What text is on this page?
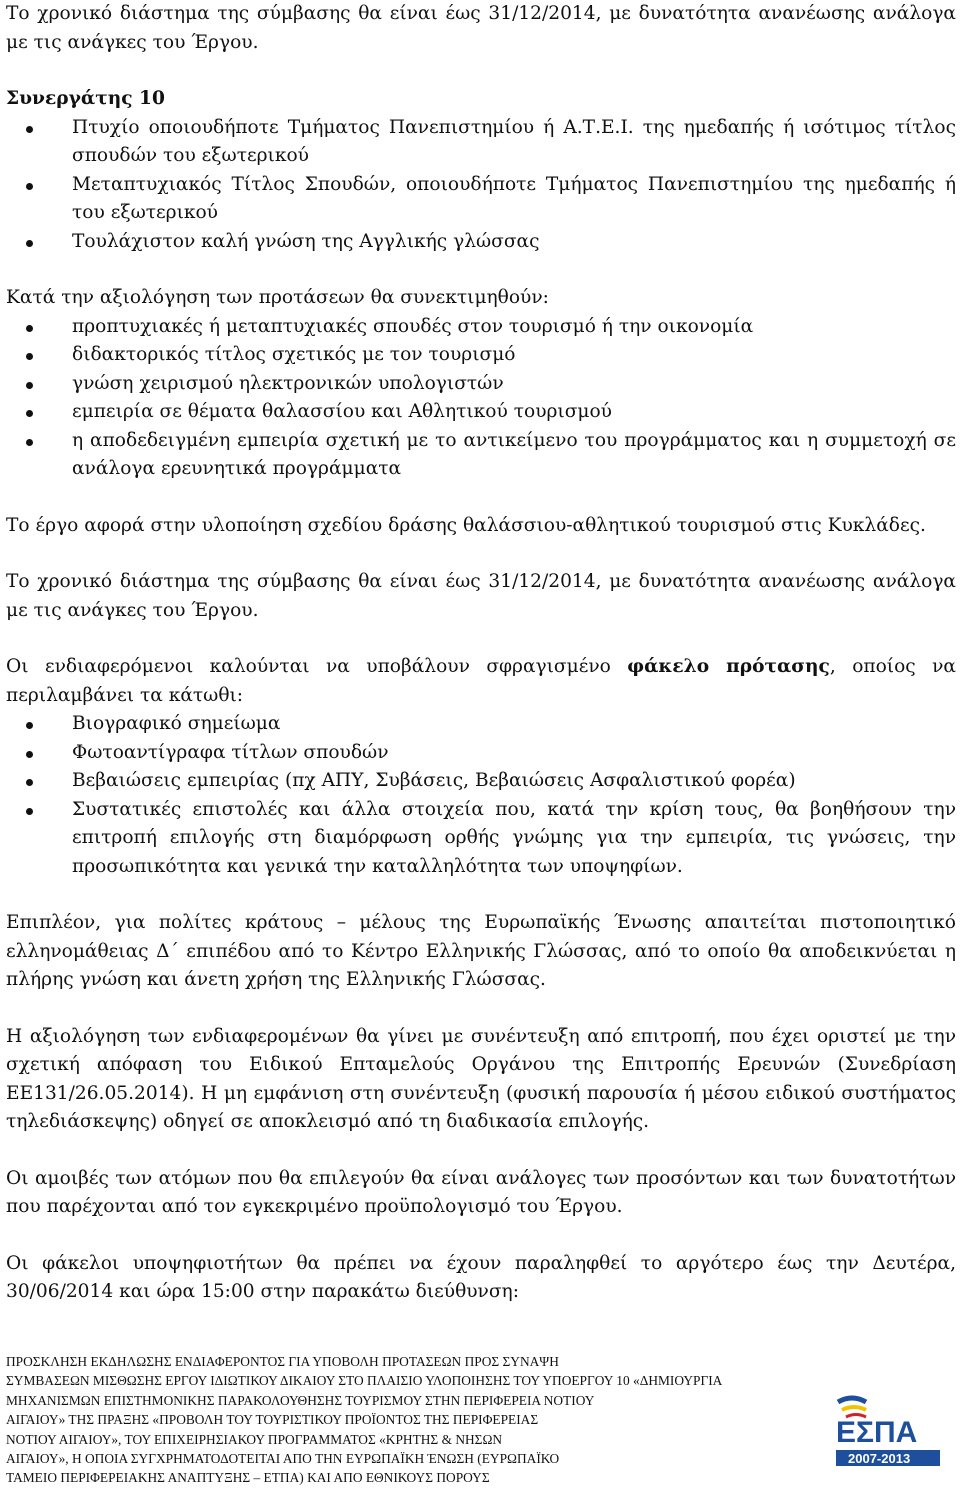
Το χρονικό διάστημα της σύμβασης θα είναι έως 31/12/2014, με δυνατότητα ανανέωσης ανάλογα με τις ανάγκες του Έργου.

Συνεργάτης 10

Πτυχίο οποιουδήποτε Τμήματος Πανεπιστημίου ή Α.Τ.Ε.Ι. της ημεδαπής ή ισότιμος τίτλος σπουδών του εξωτερικού
Μεταπτυχιακός Τίτλος Σπουδών, οποιουδήποτε Τμήματος Πανεπιστημίου της ημεδαπής ή του εξωτερικού
Τουλάχιστον καλή γνώση της Αγγλικής γλώσσας

Κατά την αξιολόγηση των προτάσεων θα συνεκτιμηθούν:

προπτυχιακές ή μεταπτυχιακές σπουδές στον τουρισμό ή την οικονομία
διδακτορικός τίτλος σχετικός με τον τουρισμό
γνώση χειρισμού ηλεκτρονικών υπολογιστών
εμπειρία σε θέματα θαλασσίου και Αθλητικού τουρισμού
η αποδεδειγμένη εμπειρία σχετική με το αντικείμενο του προγράμματος και η συμμετοχή σε ανάλογα ερευνητικά προγράμματα

Το έργο αφορά στην υλοποίηση σχεδίου δράσης θαλάσσιου-αθλητικού τουρισμού στις Κυκλάδες.

Το χρονικό διάστημα της σύμβασης θα είναι έως 31/12/2014, με δυνατότητα ανανέωσης ανάλογα με τις ανάγκες του Έργου.

Οι ενδιαφερόμενοι καλούνται να υποβάλουν σφραγισμένο φάκελο πρότασης, οποίος να περιλαμβάνει τα κάτωθι:

Βιογραφικό σημείωμα
Φωτοαντίγραφα τίτλων σπουδών
Βεβαιώσεις εμπειρίας (πχ ΑΠΥ, Συβάσεις, Βεβαιώσεις Ασφαλιστικού φορέα)
Συστατικές επιστολές και άλλα στοιχεία που, κατά την κρίση τους, θα βοηθήσουν την επιτροπή επιλογής στη διαμόρφωση ορθής γνώμης για την εμπειρία, τις γνώσεις, την προσωπικότητα και γενικά την καταλληλότητα των υποψηφίων.

Επιπλέον, για πολίτες κράτους – μέλους της Ευρωπαϊκής Ένωσης απαιτείται πιστοποιητικό ελληνομάθειας Δ΄ επιπέδου από το Κέντρο Ελληνικής Γλώσσας, από το οποίο θα αποδεικνύεται η πλήρης γνώση και άνετη χρήση της Ελληνικής Γλώσσας.

Η αξιολόγηση των ενδιαφερομένων θα γίνει με συνέντευξη από επιτροπή, που έχει οριστεί με την σχετική απόφαση του Ειδικού Επταμελούς Οργάνου της Επιτροπής Ερευνών (Συνεδρίαση ΕΕ131/26.05.2014). Η μη εμφάνιση στη συνέντευξη (φυσική παρουσία ή μέσου ειδικού συστήματος τηλεδιάσκεψης) οδηγεί σε αποκλεισμό από τη διαδικασία επιλογής.

Οι αμοιβές των ατόμων που θα επιλεγούν θα είναι ανάλογες των προσόντων και των δυνατοτήτων που παρέχονται από τον εγκεκριμένο προϋπολογισμό του Έργου.

Οι φάκελοι υποψηφιοτήτων θα πρέπει να έχουν παραληφθεί το αργότερο έως την Δευτέρα, 30/06/2014 και ώρα 15:00 στην παρακάτω διεύθυνση:

ΠΡΟΣΚΛΗΣΗ ΕΚΔΗΛΩΣΗΣ ΕΝΔΙΑΦΕΡΟΝΤΟΣ ΓΙΑ ΥΠΟΒΟΛΗ ΠΡΟΤΑΣΕΩΝ ΠΡΟΣ ΣΥΝΑΨΗ
ΣΥΜΒΑΣΕΩΝ ΜΙΣΘΩΣΗΣ ΕΡΓΟΥ ΙΔΙΩΤΙΚΟΥ ΔΙΚΑΙΟΥ ΣΤΟ ΠΛΑΙΣΙΟ ΥΛΟΠΟΙΗΣΗΣ ΤΟΥ ΥΠΟΕΡΓΟΥ 10 «ΔΗΜΙΟΥΡΓΙΑ
ΜΗΧΑΝΙΣΜΩΝ ΕΠΙΣΤΗΜΟΝΙΚΗΣ ΠΑΡΑΚΟΛΟΥΘΗΣΗΣ ΤΟΥΡΙΣΜΟΥ ΣΤΗΝ ΠΕΡΙΦΕΡΕΙΑ ΝΟΤΙΟΥ
ΑΙΓΑΙΟΥ» ΤΗΣ ΠΡΑΞΗΣ «ΠΡΟΒΟΛΗ ΤΟΥ ΤΟΥΡΙΣΤΙΚΟΥ ΠΡΟΪΟΝΤΟΣ ΤΗΣ ΠΕΡΙΦΕΡΕΙΑΣ
ΝΟΤΙΟΥ ΑΙΓΑΙΟΥ», ΤΟΥ ΕΠΙΧΕΙΡΗΣΙΑΚΟΥ ΠΡΟΓΡΑΜΜΑΤΟΣ «ΚΡΗΤΗΣ & ΝΗΣΩΝ
ΑΙΓΑΙΟΥ», Η ΟΠΟΙΑ ΣΥΓΧΡΗΜΑΤΟΔΟΤΕΙΤΑΙ ΑΠΟ ΤΗΝ ΕΥΡΩΠΑΪΚΗ ΈΝΩΣΗ (ΕΥΡΩΠΑΪΚΟ
ΤΑΜΕΙΟ ΠΕΡΙΦΕΡΕΙΑΚΗΣ ΑΝΑΠΤΥΞΗΣ – ΕΤΠΑ) ΚΑΙ ΑΠΟ ΕΘΝΙΚΟΥΣ ΠΟΡΟΥΣ
ΕΣΠΑ
2007-2013
